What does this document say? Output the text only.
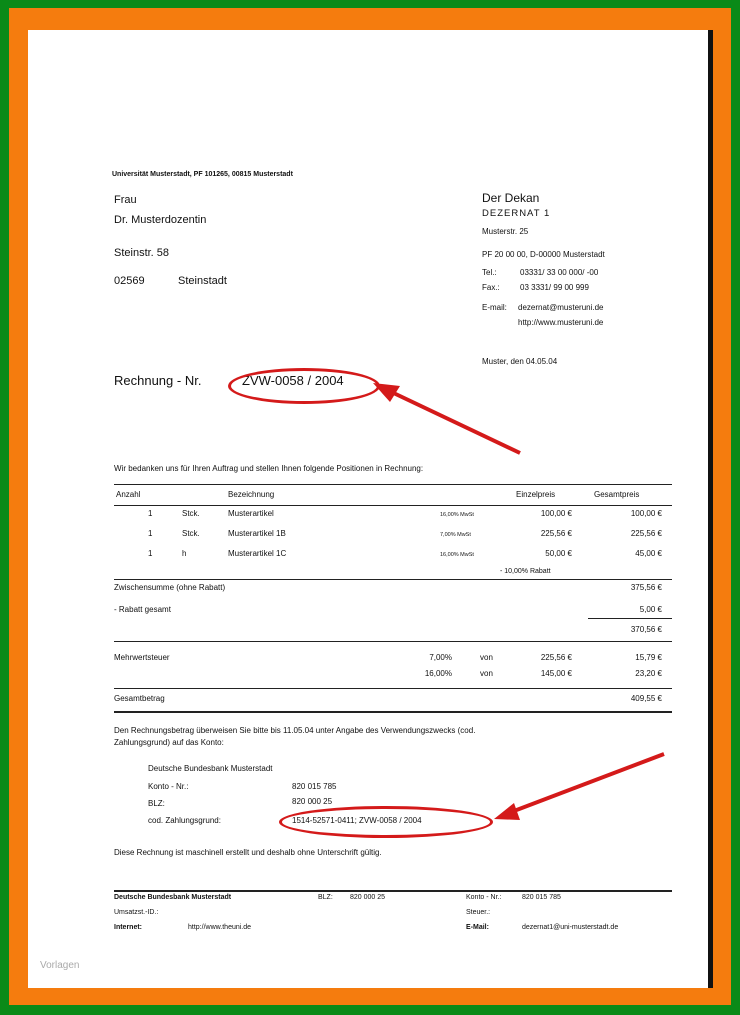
Universität Musterstadt, PF 101265, 00815 Musterstadt
Frau
Dr. Musterdozentin
Steinstr. 58
02569	Steinstadt
Der Dekan
DEZERNAT 1
Musterstr. 25
PF 20 00 00, D-00000 Musterstadt
Tel.:	03331/ 33 00 000/ -00
Fax.:	03 3331/ 99 00 999
E-mail: dezernat@musteruni.de
http://www.musteruni.de
Muster, den 04.05.04
Rechnung - Nr.	ZVW-0058 / 2004
Wir bedanken uns für Ihren Auftrag und stellen Ihnen folgende Positionen in Rechnung:
Anzahl	Bezeichnung	Einzelpreis	Gesamtpreis
1	Stck.	Musterartikel	16,00% MwSt	100,00 €	100,00 €
1	Stck.	Musterartikel 1B	7,00% MwSt	225,56 €	225,56 €
1	h	Musterartikel 1C	16,00% MwSt	50,00 €	45,00 €
- 10,00% Rabatt
Zwischensumme (ohne Rabatt)	375,56 €
- Rabatt gesamt	5,00 €
370,56 €
Mehrwertsteuer	7,00%	von	225,56 €	15,79 €
16,00%	von	145,00 €	23,20 €
Gesamtbetrag	409,55 €
Den Rechnungsbetrag überweisen Sie bitte bis 11.05.04 unter Angabe des Verwendungszwecks (cod.
Zahlungsgrund) auf das Konto:
Deutsche Bundesbank Musterstadt
Konto - Nr.:	820 015 785
BLZ:	820 000 25
cod. Zahlungsgrund:	1514-52571-0411; ZVW-0058 / 2004
Diese Rechnung ist maschinell erstellt und deshalb ohne Unterschrift gültig.
Deutsche Bundesbank Musterstadt	BLZ: 820 000 25	Konto - Nr.:	820 015 785
Umsatzst.-ID.:	Steuer.:
Internet:	http://www.theuni.de	E-Mail:	dezernat1@uni-musterstadt.de
Vorlagen
